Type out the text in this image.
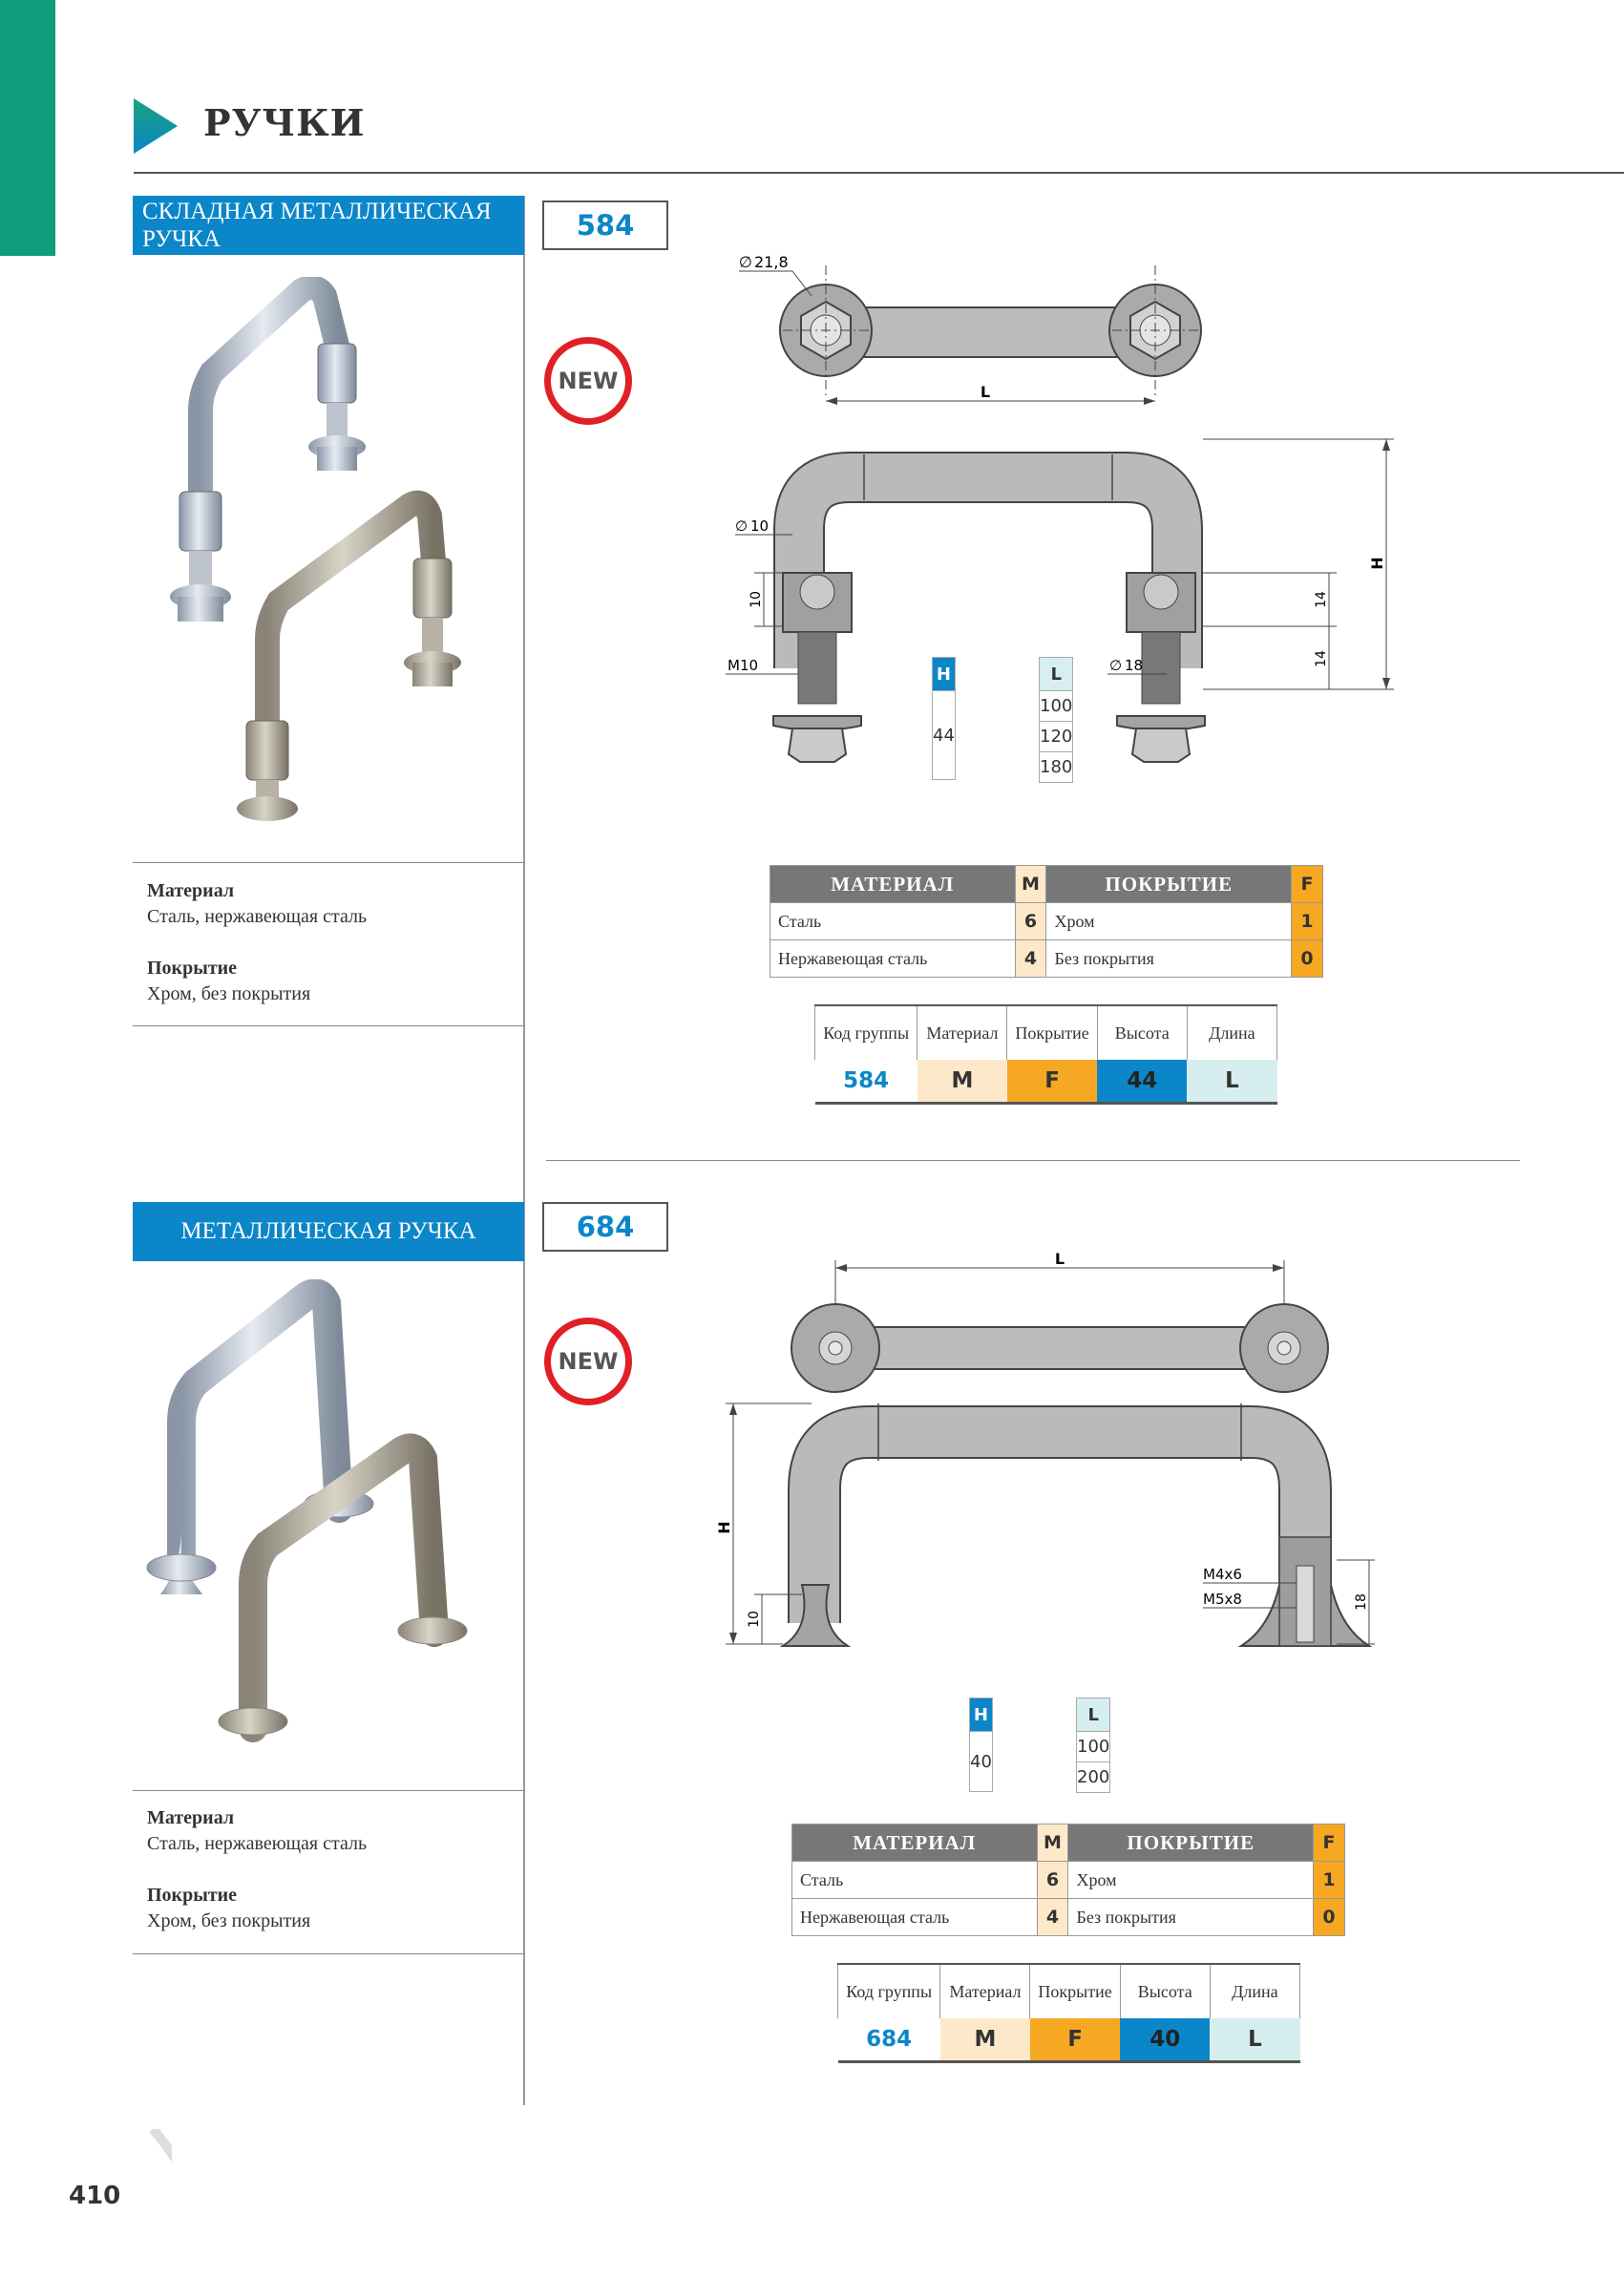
РУЧКИ
СКЛАДНАЯ МЕТАЛЛИЧЕСКАЯ
РУЧКА	584
NEW
Материал
Сталь, нержавеющая сталь
Покрытие
Хром, без покрытия
L
∅ 21,8
H
14
14
10
∅ 10
M10	∅ 18
H
44
L
100
120
180
МАТЕРИАЛ	M	ПОКРЫТИЕ	F
Сталь	6	Хром	1
Нержавеющая сталь	4	Без покрытия	0
Код группы	Материал	Покрытие	Высота	Длина
584	M	F	44	L
МЕТАЛЛИЧЕСКАЯ РУЧКА	684
NEW
Материал
Сталь, нержавеющая сталь
Покрытие
Хром, без покрытия
L
H
10
18
M4x6
M5x8
H
40
L
100
200
МАТЕРИАЛ	M	ПОКРЫТИЕ	F
Сталь	6	Хром	1
Нержавеющая сталь	4	Без покрытия	0
Код группы	Материал	Покрытие	Высота	Длина
684	M	F	40	L
410
